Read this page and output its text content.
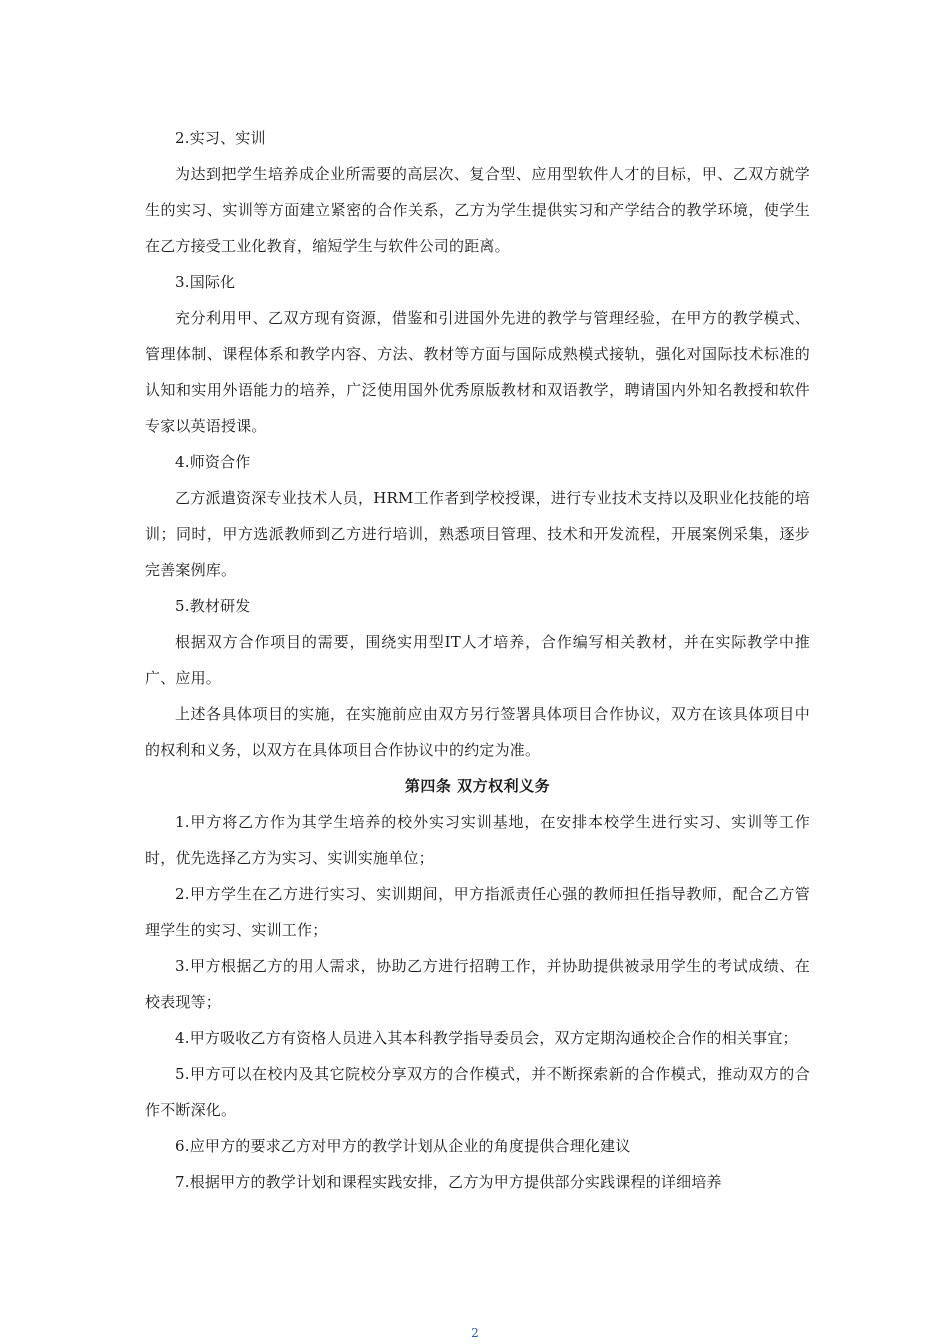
2.实习、实训

为达到把学生培养成企业所需要的高层次、复合型、应用型软件人才的目标，甲、乙双方就学生的实习、实训等方面建立紧密的合作关系，乙方为学生提供实习和产学结合的教学环境，使学生在乙方接受工业化教育，缩短学生与软件公司的距离。

3.国际化

充分利用甲、乙双方现有资源，借鉴和引进国外先进的教学与管理经验，在甲方的教学模式、管理体制、课程体系和教学内容、方法、教材等方面与国际成熟模式接轨，强化对国际技术标准的认知和实用外语能力的培养，广泛使用国外优秀原版教材和双语教学，聘请国内外知名教授和软件专家以英语授课。

4.师资合作

乙方派遣资深专业技术人员，HRM工作者到学校授课，进行专业技术支持以及职业化技能的培训；同时，甲方选派教师到乙方进行培训，熟悉项目管理、技术和开发流程，开展案例采集，逐步完善案例库。

5.教材研发

根据双方合作项目的需要，围绕实用型IT人才培养，合作编写相关教材，并在实际教学中推广、应用。

上述各具体项目的实施，在实施前应由双方另行签署具体项目合作协议，双方在该具体项目中的权利和义务，以双方在具体项目合作协议中的约定为准。

第四条 双方权利义务

1.甲方将乙方作为其学生培养的校外实习实训基地，在安排本校学生进行实习、实训等工作时，优先选择乙方为实习、实训实施单位；

2.甲方学生在乙方进行实习、实训期间，甲方指派责任心强的教师担任指导教师，配合乙方管理学生的实习、实训工作；

3.甲方根据乙方的用人需求，协助乙方进行招聘工作，并协助提供被录用学生的考试成绩、在校表现等；

4.甲方吸收乙方有资格人员进入其本科教学指导委员会，双方定期沟通校企合作的相关事宜；

5.甲方可以在校内及其它院校分享双方的合作模式，并不断探索新的合作模式，推动双方的合作不断深化。

6.应甲方的要求乙方对甲方的教学计划从企业的角度提供合理化建议

7.根据甲方的教学计划和课程实践安排，乙方为甲方提供部分实践课程的详细培养

2
